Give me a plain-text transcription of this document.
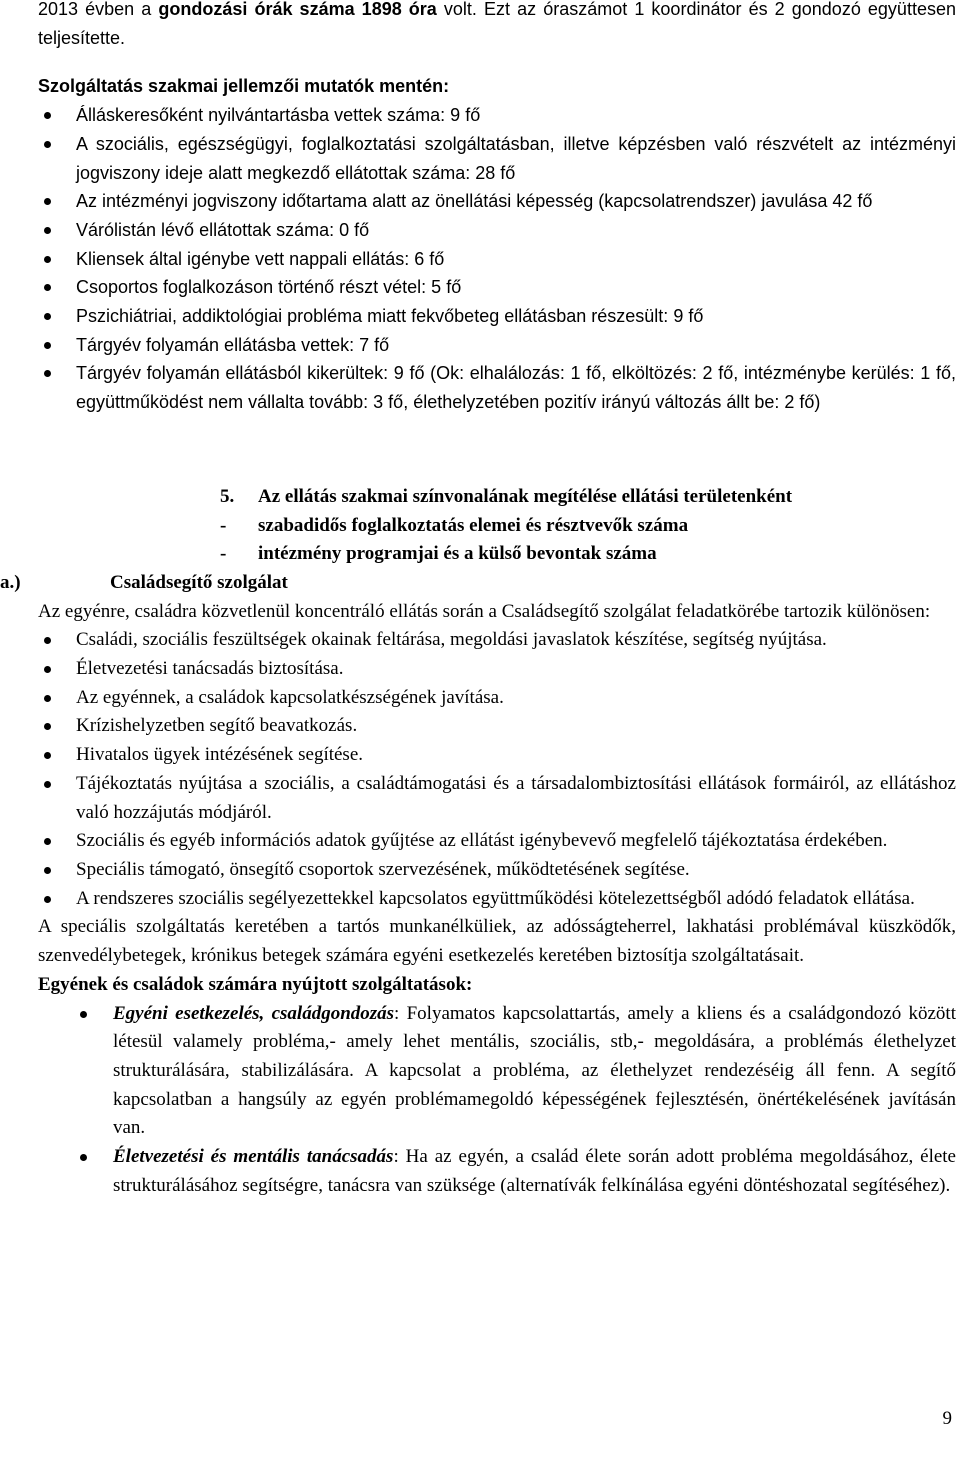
2013 évben a gondozási órák száma 1898 óra volt. Ezt az óraszámot 1 koordinátor és 2 gondozó együttesen teljesítette.

Szolgáltatás szakmai jellemzői mutatók mentén:

Álláskeresőként nyilvántartásba vettek száma: 9 fő
A szociális, egészségügyi, foglalkoztatási szolgáltatásban, illetve képzésben való részvételt az intézményi jogviszony ideje alatt megkezdő ellátottak száma: 28 fő
Az intézményi jogviszony időtartama alatt az önellátási képesség (kapcsolatrendszer) javulása 42 fő
Várólistán lévő ellátottak száma: 0 fő
Kliensek által igénybe vett nappali ellátás: 6 fő
Csoportos foglalkozáson történő részt vétel: 5 fő
Pszichiátriai, addiktológiai probléma miatt fekvőbeteg ellátásban részesült: 9 fő
Tárgyév folyamán ellátásba vettek: 7 fő
Tárgyév folyamán ellátásból kikerültek: 9 fő (Ok: elhalálozás: 1 fő, elköltözés: 2 fő, intézménybe kerülés: 1 fő, együttműködést nem vállalta tovább: 3 fő, élethelyzetében pozitív irányú változás állt be: 2 fő)
5.	Az ellátás szakmai színvonalának megítélése ellátási területenként
-	szabadidős foglalkoztatás elemei és résztvevők száma
-	intézmény programjai és a külső bevontak száma
a.)	Családsegítő szolgálat

Az egyénre, családra közvetlenül koncentráló ellátás során a Családsegítő szolgálat feladatkörébe tartozik különösen:

Családi, szociális feszültségek okainak feltárása, megoldási javaslatok készítése, segítség nyújtása.
Életvezetési tanácsadás biztosítása.
Az egyénnek, a családok kapcsolatkészségének javítása.
Krízishelyzetben segítő beavatkozás.
Hivatalos ügyek intézésének segítése.
Tájékoztatás nyújtása a szociális, a családtámogatási és a társadalombiztosítási ellátások formáiról, az ellátáshoz való hozzájutás módjáról.
Szociális és egyéb információs adatok gyűjtése az ellátást igénybevevő megfelelő tájékoztatása érdekében.
Speciális támogató, önsegítő csoportok szervezésének, működtetésének segítése.
A rendszeres szociális segélyezettekkel kapcsolatos együttműködési kötelezettségből adódó feladatok ellátása.

A speciális szolgáltatás keretében a tartós munkanélküliek, az adósságteherrel, lakhatási problémával küszködők, szenvedélybetegek, krónikus betegek számára egyéni esetkezelés keretében biztosítja szolgáltatásait.

Egyének és családok számára nyújtott szolgáltatások:

Egyéni esetkezelés, családgondozás: Folyamatos kapcsolattartás, amely a kliens és a családgondozó között létesül valamely probléma,- amely lehet mentális, szociális, stb,- megoldására, a problémás élethelyzet strukturálására, stabilizálására. A kapcsolat a probléma, az élethelyzet rendezéséig áll fenn. A segítő kapcsolatban a hangsúly az egyén problémamegoldó képességének fejlesztésén, önértékelésének javításán van.
Életvezetési és mentális tanácsadás: Ha az egyén, a család élete során adott probléma megoldásához, élete strukturálásához segítségre, tanácsra van szüksége (alternatívák felkínálása egyéni döntéshozatal segítéséhez).
9
